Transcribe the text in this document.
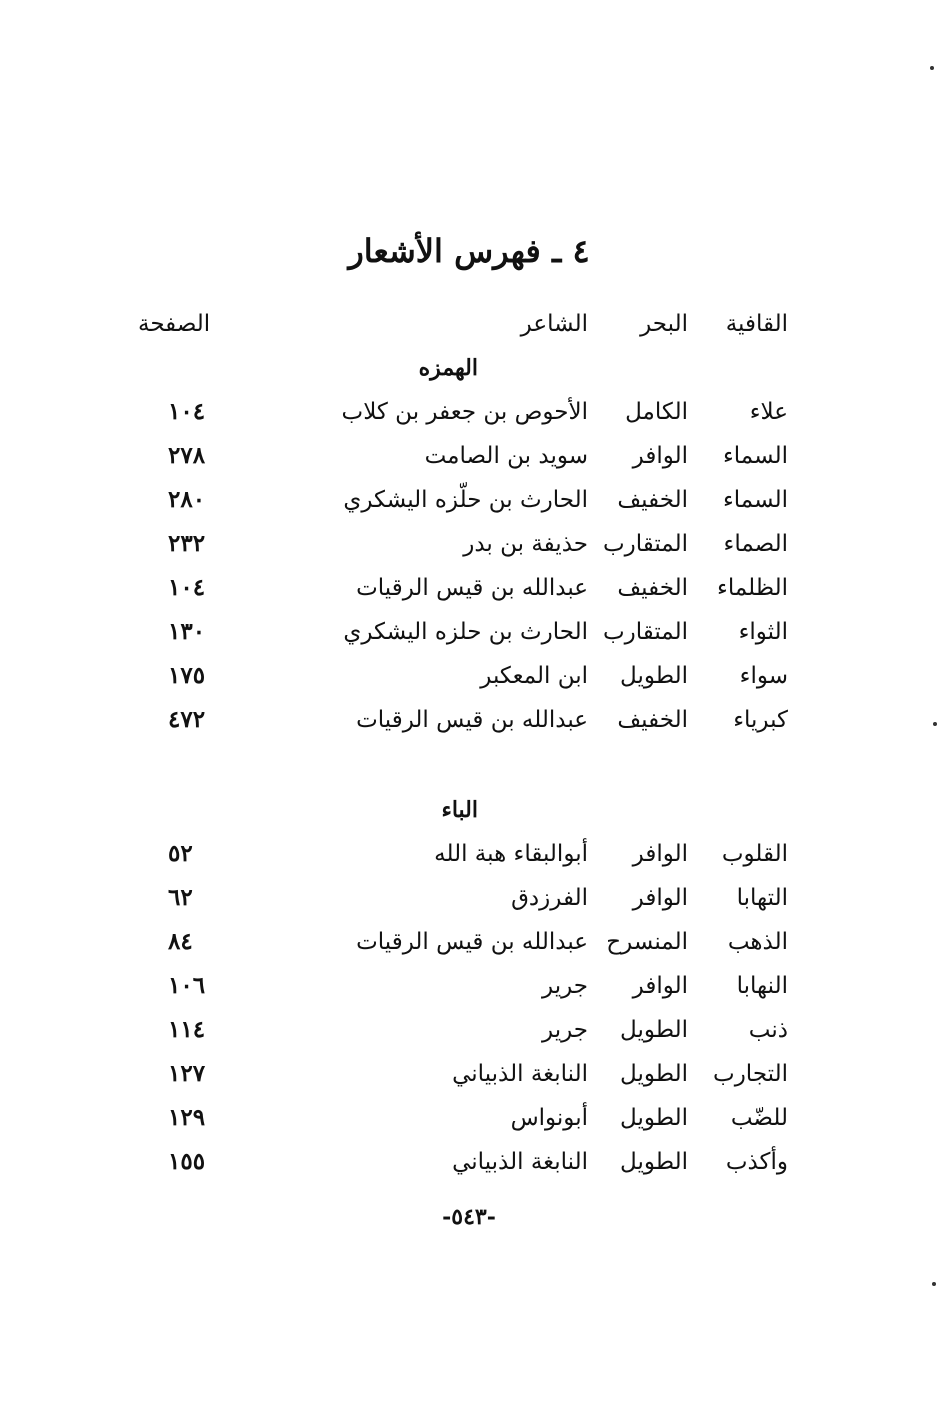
٤ ـ فهرس الأشعار
القافية
البحر
الشاعر
الصفحة
الهمزه
علاء
الكامل
الأحوص بن جعفر بن كلاب
١٠٤
السماء
الوافر
سويد بن الصامت
٢٧٨
السماء
الخفيف
الحارث بن حلّزه اليشكري
٢٨٠
الصماء
المتقارب
حذيفة بن بدر
٢٣٢
الظلماء
الخفيف
عبدالله بن قيس الرقيات
١٠٤
الثواء
المتقارب
الحارث بن حلزه اليشكري
١٣٠
سواء
الطويل
ابن المعكبر
١٧٥
كبرياء
الخفيف
عبدالله بن قيس الرقيات
٤٧٢
الباء
القلوب
الوافر
أبوالبقاء هبة الله
٥٢
التهابا
الوافر
الفرزدق
٦٢
الذهب
المنسرح
عبدالله بن قيس الرقيات
٨٤
النهابا
الوافر
جرير
١٠٦
ذنب
الطويل
جرير
١١٤
التجارب
الطويل
النابغة الذبياني
١٢٧
للضّب
الطويل
أبونواس
١٢٩
وأكذب
الطويل
النابغة الذبياني
١٥٥
-٥٤٣-
